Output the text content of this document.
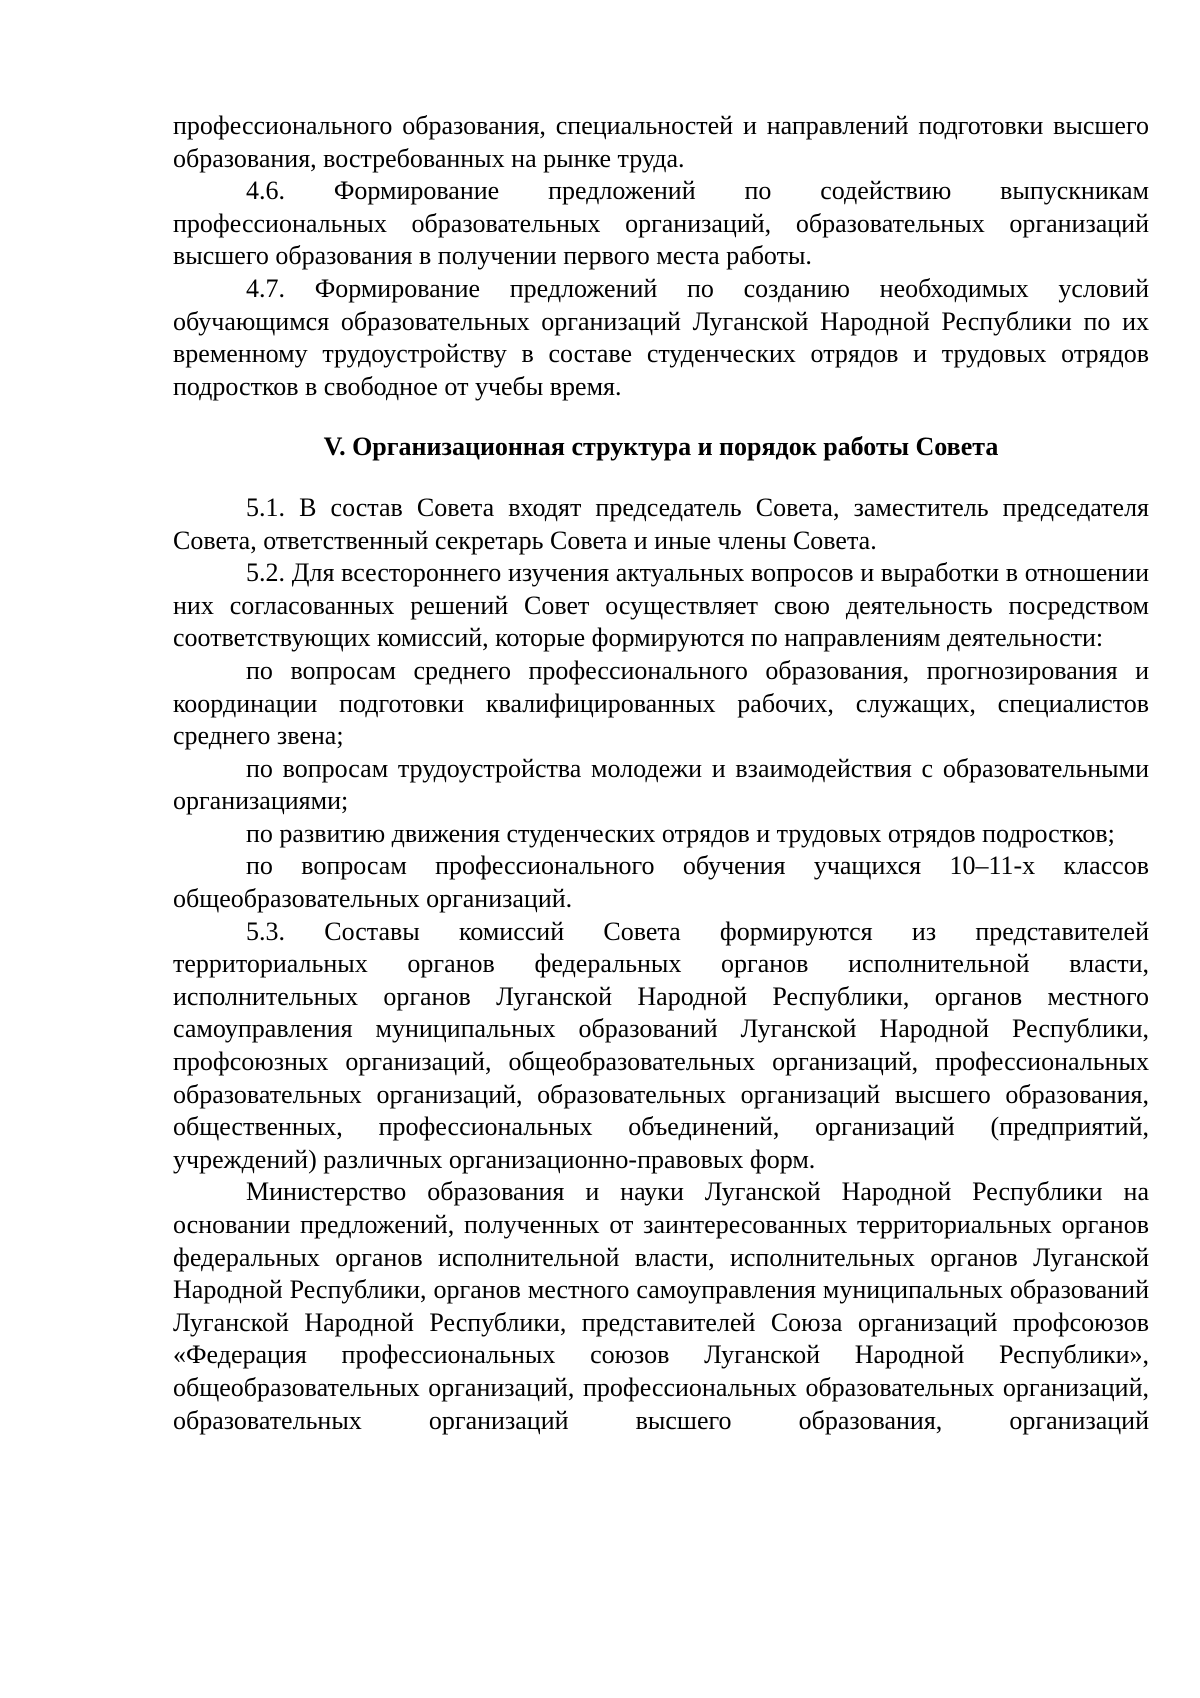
профессионального образования, специальностей и направлений подготовки высшего образования, востребованных на рынке труда.

4.6. Формирование предложений по содействию выпускникам профессиональных образовательных организаций, образовательных организаций высшего образования в получении первого места работы.

4.7. Формирование предложений по созданию необходимых условий обучающимся образовательных организаций Луганской Народной Республики по их временному трудоустройству в составе студенческих отрядов и трудовых отрядов подростков в свободное от учебы время.

V. Организационная структура и порядок работы Совета

5.1. В состав Совета входят председатель Совета, заместитель председателя Совета, ответственный секретарь Совета и иные члены Совета.

5.2. Для всестороннего изучения актуальных вопросов и выработки в отношении них согласованных решений Совет осуществляет свою деятельность посредством соответствующих комиссий, которые формируются по направлениям деятельности:

по вопросам среднего профессионального образования, прогнозирования и координации подготовки квалифицированных рабочих, служащих, специалистов среднего звена;

по вопросам трудоустройства молодежи и взаимодействия с образовательными организациями;

по развитию движения студенческих отрядов и трудовых отрядов подростков;

по вопросам профессионального обучения учащихся 10–11-х классов общеобразовательных организаций.

5.3. Составы комиссий Совета формируются из представителей территориальных органов федеральных органов исполнительной власти, исполнительных органов Луганской Народной Республики, органов местного самоуправления муниципальных образований Луганской Народной Республики, профсоюзных организаций, общеобразовательных организаций, профессиональных образовательных организаций, образовательных организаций высшего образования, общественных, профессиональных объединений, организаций (предприятий, учреждений) различных организационно-правовых форм.

Министерство образования и науки Луганской Народной Республики на основании предложений, полученных от заинтересованных территориальных органов федеральных органов исполнительной власти, исполнительных органов Луганской Народной Республики, органов местного самоуправления муниципальных образований Луганской Народной Республики, представителей Союза организаций профсоюзов «Федерация профессиональных союзов Луганской Народной Республики», общеобразовательных организаций, профессиональных образовательных организаций, образовательных организаций высшего образования, организаций
